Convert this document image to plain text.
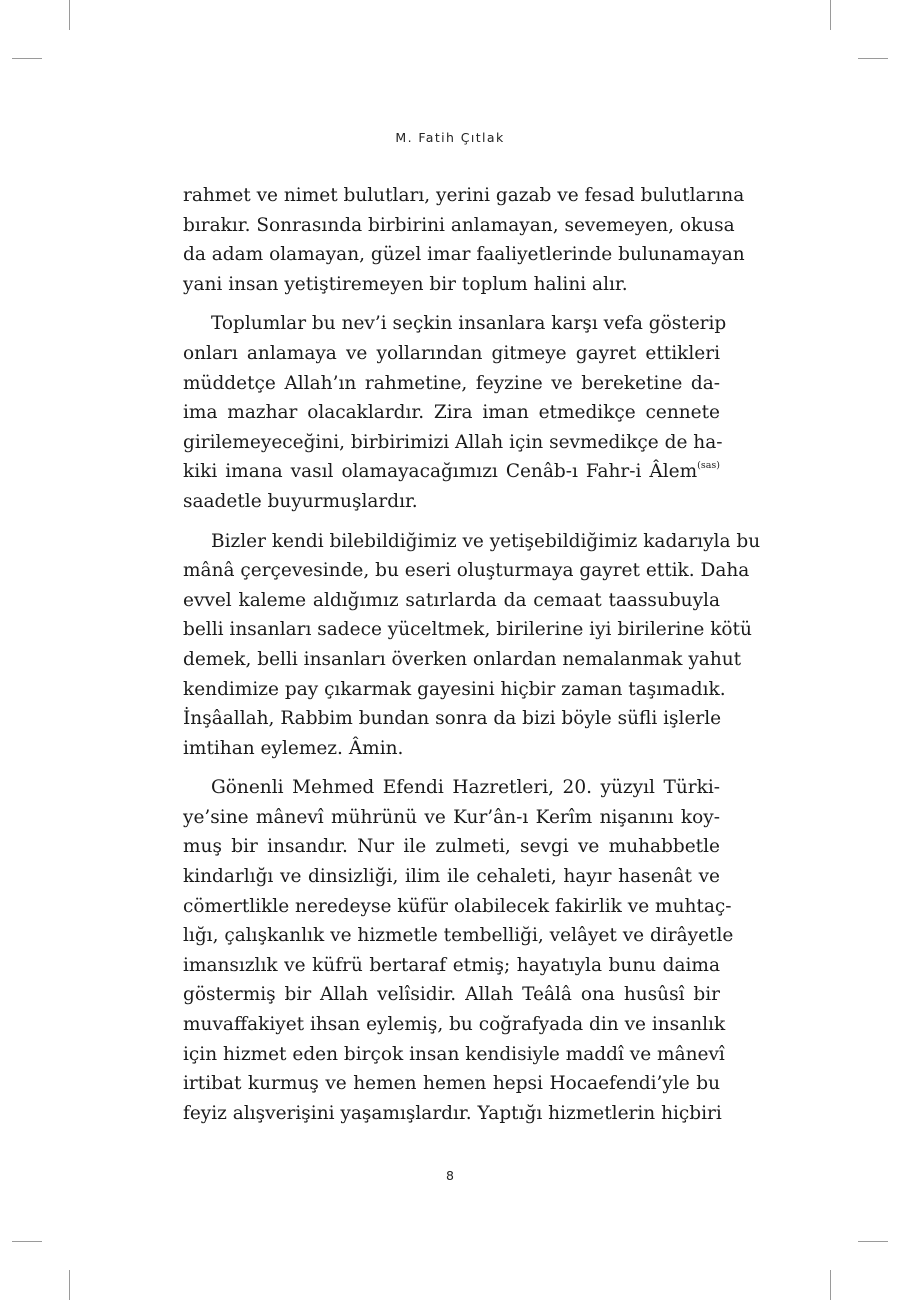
M. Fatih Çıtlak
rahmet ve nimet bulutları, yerini gazab ve fesad bulutlarına
bırakır. Sonrasında birbirini anlamayan, sevemeyen, okusa
da adam olamayan, güzel imar faaliyetlerinde bulunamayan
yani insan yetiştiremeyen bir toplum halini alır.
Toplumlar bu nev’i seçkin insanlara karşı vefa gösterip
onları anlamaya ve yollarından gitmeye gayret ettikleri
müddetçe Allah’ın rahmetine, feyzine ve bereketine da-
ima mazhar olacaklardır. Zira iman etmedikçe cennete
girilemeyeceğini, birbirimizi Allah için sevmedikçe de ha-
kiki imana vasıl olamayacağımızı Cenâb-ı Fahr-i Âlem$^{(sas)}$
saadetle buyurmuşlardır.
Bizler kendi bilebildiğimiz ve yetişebildiğimiz kadarıyla bu
mânâ çerçevesinde, bu eseri oluşturmaya gayret ettik. Daha
evvel kaleme aldığımız satırlarda da cemaat taassubuyla
belli insanları sadece yüceltmek, birilerine iyi birilerine kötü
demek, belli insanları överken onlardan nemalanmak yahut
kendimize pay çıkarmak gayesini hiçbir zaman taşımadık.
İnşâallah, Rabbim bundan sonra da bizi böyle süfli işlerle
imtihan eylemez. Âmin.
Gönenli Mehmed Efendi Hazretleri, 20. yüzyıl Türki-
ye’sine mânevî mührünü ve Kur’ân-ı Kerîm nişanını koy-
muş bir insandır. Nur ile zulmeti, sevgi ve muhabbetle
kindarlığı ve dinsizliği, ilim ile cehaleti, hayır hasenât ve
cömertlikle neredeyse küfür olabilecek fakirlik ve muhtaç-
lığı, çalışkanlık ve hizmetle tembelliği, velâyet ve dirâyetle
imansızlık ve küfrü bertaraf etmiş; hayatıyla bunu daima
göstermiş bir Allah velîsidir. Allah Teâlâ ona husûsî bir
muvaffakiyet ihsan eylemiş, bu coğrafyada din ve insanlık
için hizmet eden birçok insan kendisiyle maddî ve mânevî
irtibat kurmuş ve hemen hemen hepsi Hocaefendi’yle bu
feyiz alışverişini yaşamışlardır. Yaptığı hizmetlerin hiçbiri
8
